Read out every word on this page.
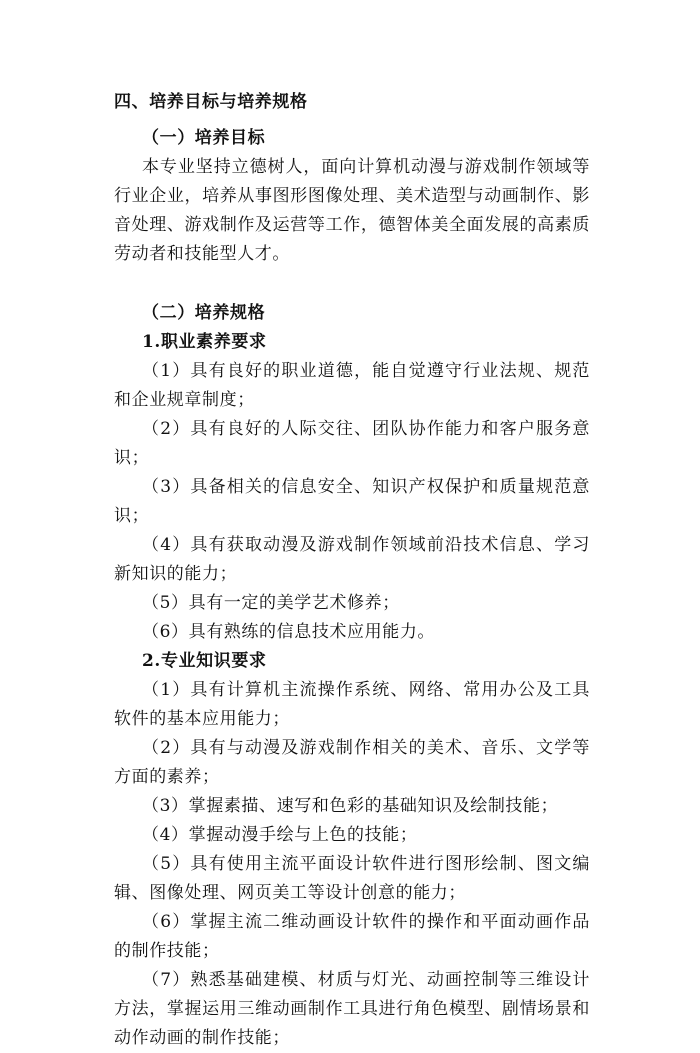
四、培养目标与培养规格
（一）培养目标
本专业坚持立德树人，面向计算机动漫与游戏制作领域等行业企业，培养从事图形图像处理、美术造型与动画制作、影音处理、游戏制作及运营等工作，德智体美全面发展的高素质劳动者和技能型人才。
（二）培养规格
1.职业素养要求
（1）具有良好的职业道德，能自觉遵守行业法规、规范和企业规章制度；
（2）具有良好的人际交往、团队协作能力和客户服务意识；
（3）具备相关的信息安全、知识产权保护和质量规范意识；
（4）具有获取动漫及游戏制作领域前沿技术信息、学习新知识的能力；
（5）具有一定的美学艺术修养；
（6）具有熟练的信息技术应用能力。
2.专业知识要求
（1）具有计算机主流操作系统、网络、常用办公及工具软件的基本应用能力；
（2）具有与动漫及游戏制作相关的美术、音乐、文学等方面的素养；
（3）掌握素描、速写和色彩的基础知识及绘制技能；
（4）掌握动漫手绘与上色的技能；
（5）具有使用主流平面设计软件进行图形绘制、图文编辑、图像处理、网页美工等设计创意的能力；
（6）掌握主流二维动画设计软件的操作和平面动画作品的制作技能；
（7）熟悉基础建模、材质与灯光、动画控制等三维设计方法，掌握运用三维动画制作工具进行角色模型、剧情场景和动作动画的制作技能；
